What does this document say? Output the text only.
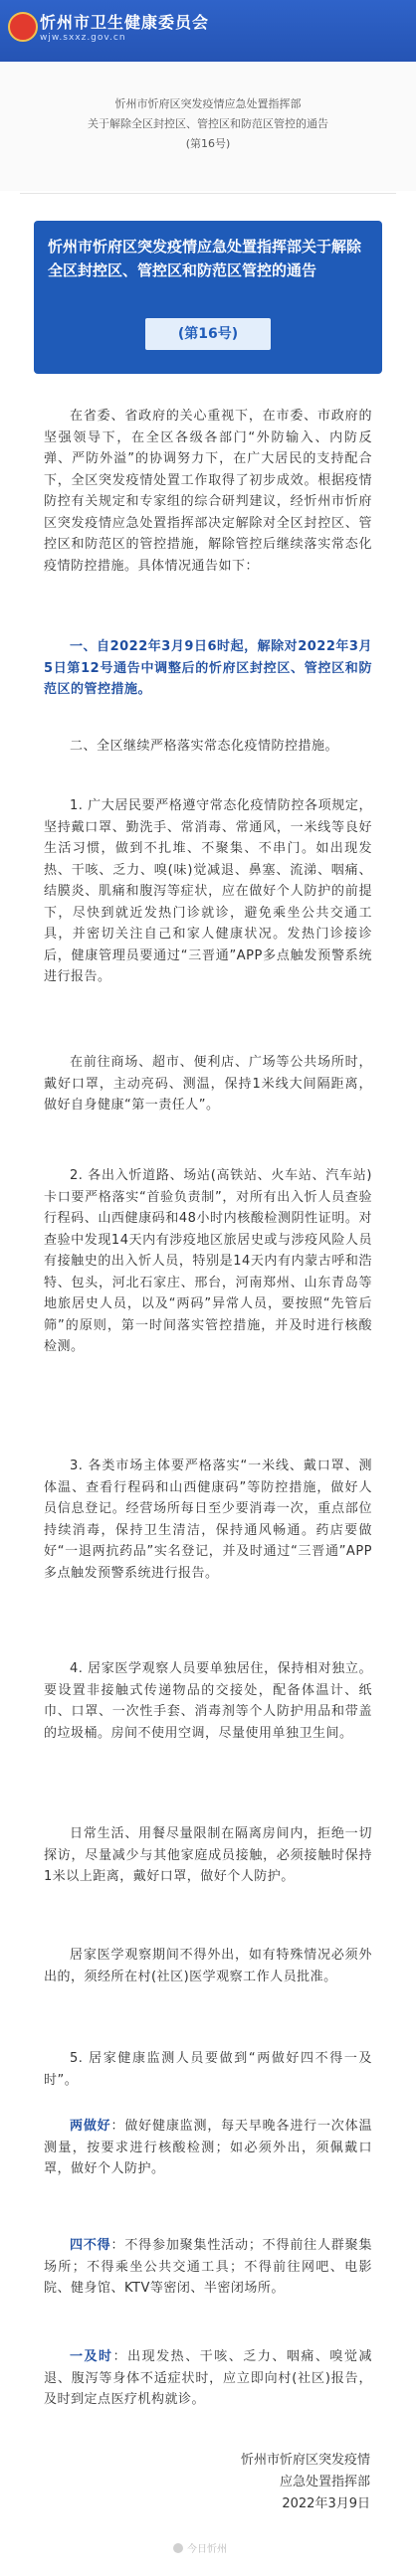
忻州市卫生健康委员会
wjw.sxxz.gov.cn
忻州市忻府区突发疫情应急处置指挥部
关于解除全区封控区、管控区和防范区管控的通告
(第16号)
忻州市忻府区突发疫情应急处置指挥部关于解除全区封控区、管控区和防范区管控的通告
(第16号)

在省委、省政府的关心重视下，在市委、市政府的坚强领导下，在全区各级各部门“外防输入、内防反弹、严防外溢”的协调努力下，在广大居民的支持配合下，全区突发疫情处置工作取得了初步成效。根据疫情防控有关规定和专家组的综合研判建议，经忻州市忻府区突发疫情应急处置指挥部决定解除对全区封控区、管控区和防范区的管控措施，解除管控后继续落实常态化疫情防控措施。具体情况通告如下：

一、自2022年3月9日6时起，解除对2022年3月5日第12号通告中调整后的忻府区封控区、管控区和防范区的管控措施。

二、全区继续严格落实常态化疫情防控措施。

1. 广大居民要严格遵守常态化疫情防控各项规定，坚持戴口罩、勤洗手、常消毒、常通风，一米线等良好生活习惯，做到不扎堆、不聚集、不串门。如出现发热、干咳、乏力、嗅(味)觉减退、鼻塞、流涕、咽痛、结膜炎、肌痛和腹泻等症状，应在做好个人防护的前提下，尽快到就近发热门诊就诊，避免乘坐公共交通工具，并密切关注自己和家人健康状况。发热门诊接诊后，健康管理员要通过“三晋通”APP多点触发预警系统进行报告。

在前往商场、超市、便利店、广场等公共场所时，戴好口罩，主动亮码、测温，保持1米线大间隔距离，做好自身健康“第一责任人”。

2. 各出入忻道路、场站(高铁站、火车站、汽车站)卡口要严格落实“首验负责制”，对所有出入忻人员查验行程码、山西健康码和48小时内核酸检测阴性证明。对查验中发现14天内有涉疫地区旅居史或与涉疫风险人员有接触史的出入忻人员，特别是14天内有内蒙古呼和浩特、包头，河北石家庄、邢台，河南郑州、山东青岛等地旅居史人员，以及“两码”异常人员，要按照“先管后筛”的原则，第一时间落实管控措施，并及时进行核酸检测。

3. 各类市场主体要严格落实“一米线、戴口罩、测体温、查看行程码和山西健康码”等防控措施，做好人员信息登记。经营场所每日至少要消毒一次，重点部位持续消毒，保持卫生清洁，保持通风畅通。药店要做好“一退两抗药品”实名登记，并及时通过“三晋通”APP多点触发预警系统进行报告。

4. 居家医学观察人员要单独居住，保持相对独立。要设置非接触式传递物品的交接处，配备体温计、纸巾、口罩、一次性手套、消毒剂等个人防护用品和带盖的垃圾桶。房间不使用空调，尽量使用单独卫生间。

日常生活、用餐尽量限制在隔离房间内，拒绝一切探访，尽量减少与其他家庭成员接触，必须接触时保持1米以上距离，戴好口罩，做好个人防护。

居家医学观察期间不得外出，如有特殊情况必须外出的，须经所在村(社区)医学观察工作人员批准。

5. 居家健康监测人员要做到“两做好四不得一及时”。

两做好：做好健康监测，每天早晚各进行一次体温测量，按要求进行核酸检测；如必须外出，须佩戴口罩，做好个人防护。

四不得：不得参加聚集性活动；不得前往人群聚集场所；不得乘坐公共交通工具；不得前往网吧、电影院、健身馆、KTV等密闭、半密闭场所。

一及时：出现发热、干咳、乏力、咽痛、嗅觉减退、腹泻等身体不适症状时，应立即向村(社区)报告，及时到定点医疗机构就诊。

忻州市忻府区突发疫情
应急处置指挥部
2022年3月9日
今日忻州
